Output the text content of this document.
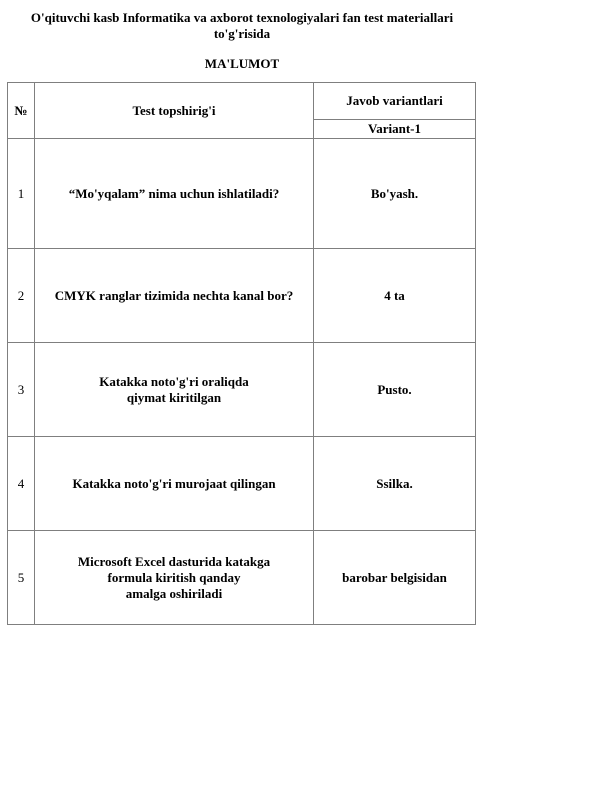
O'qituvchi kasb Informatika va axborot texnologiyalari fan test materiallari
to'g'risida
MA'LUMOT
№	Test topshirig'i	Javob variantlari
		Variant-1
1	“Mo'yqalam” nima uchun ishlatiladi?	Bo'yash.
2	CMYK ranglar tizimida nechta kanal bor?	4 ta
3	Katakka noto'g'ri oraliqda
qiymat kiritilgan	Pusto.
4	Katakka noto'g'ri murojaat qilingan	Ssilka.
5	Microsoft Excel dasturida katakga
formula kiritish qanday
amalga oshiriladi	barobar belgisidan
